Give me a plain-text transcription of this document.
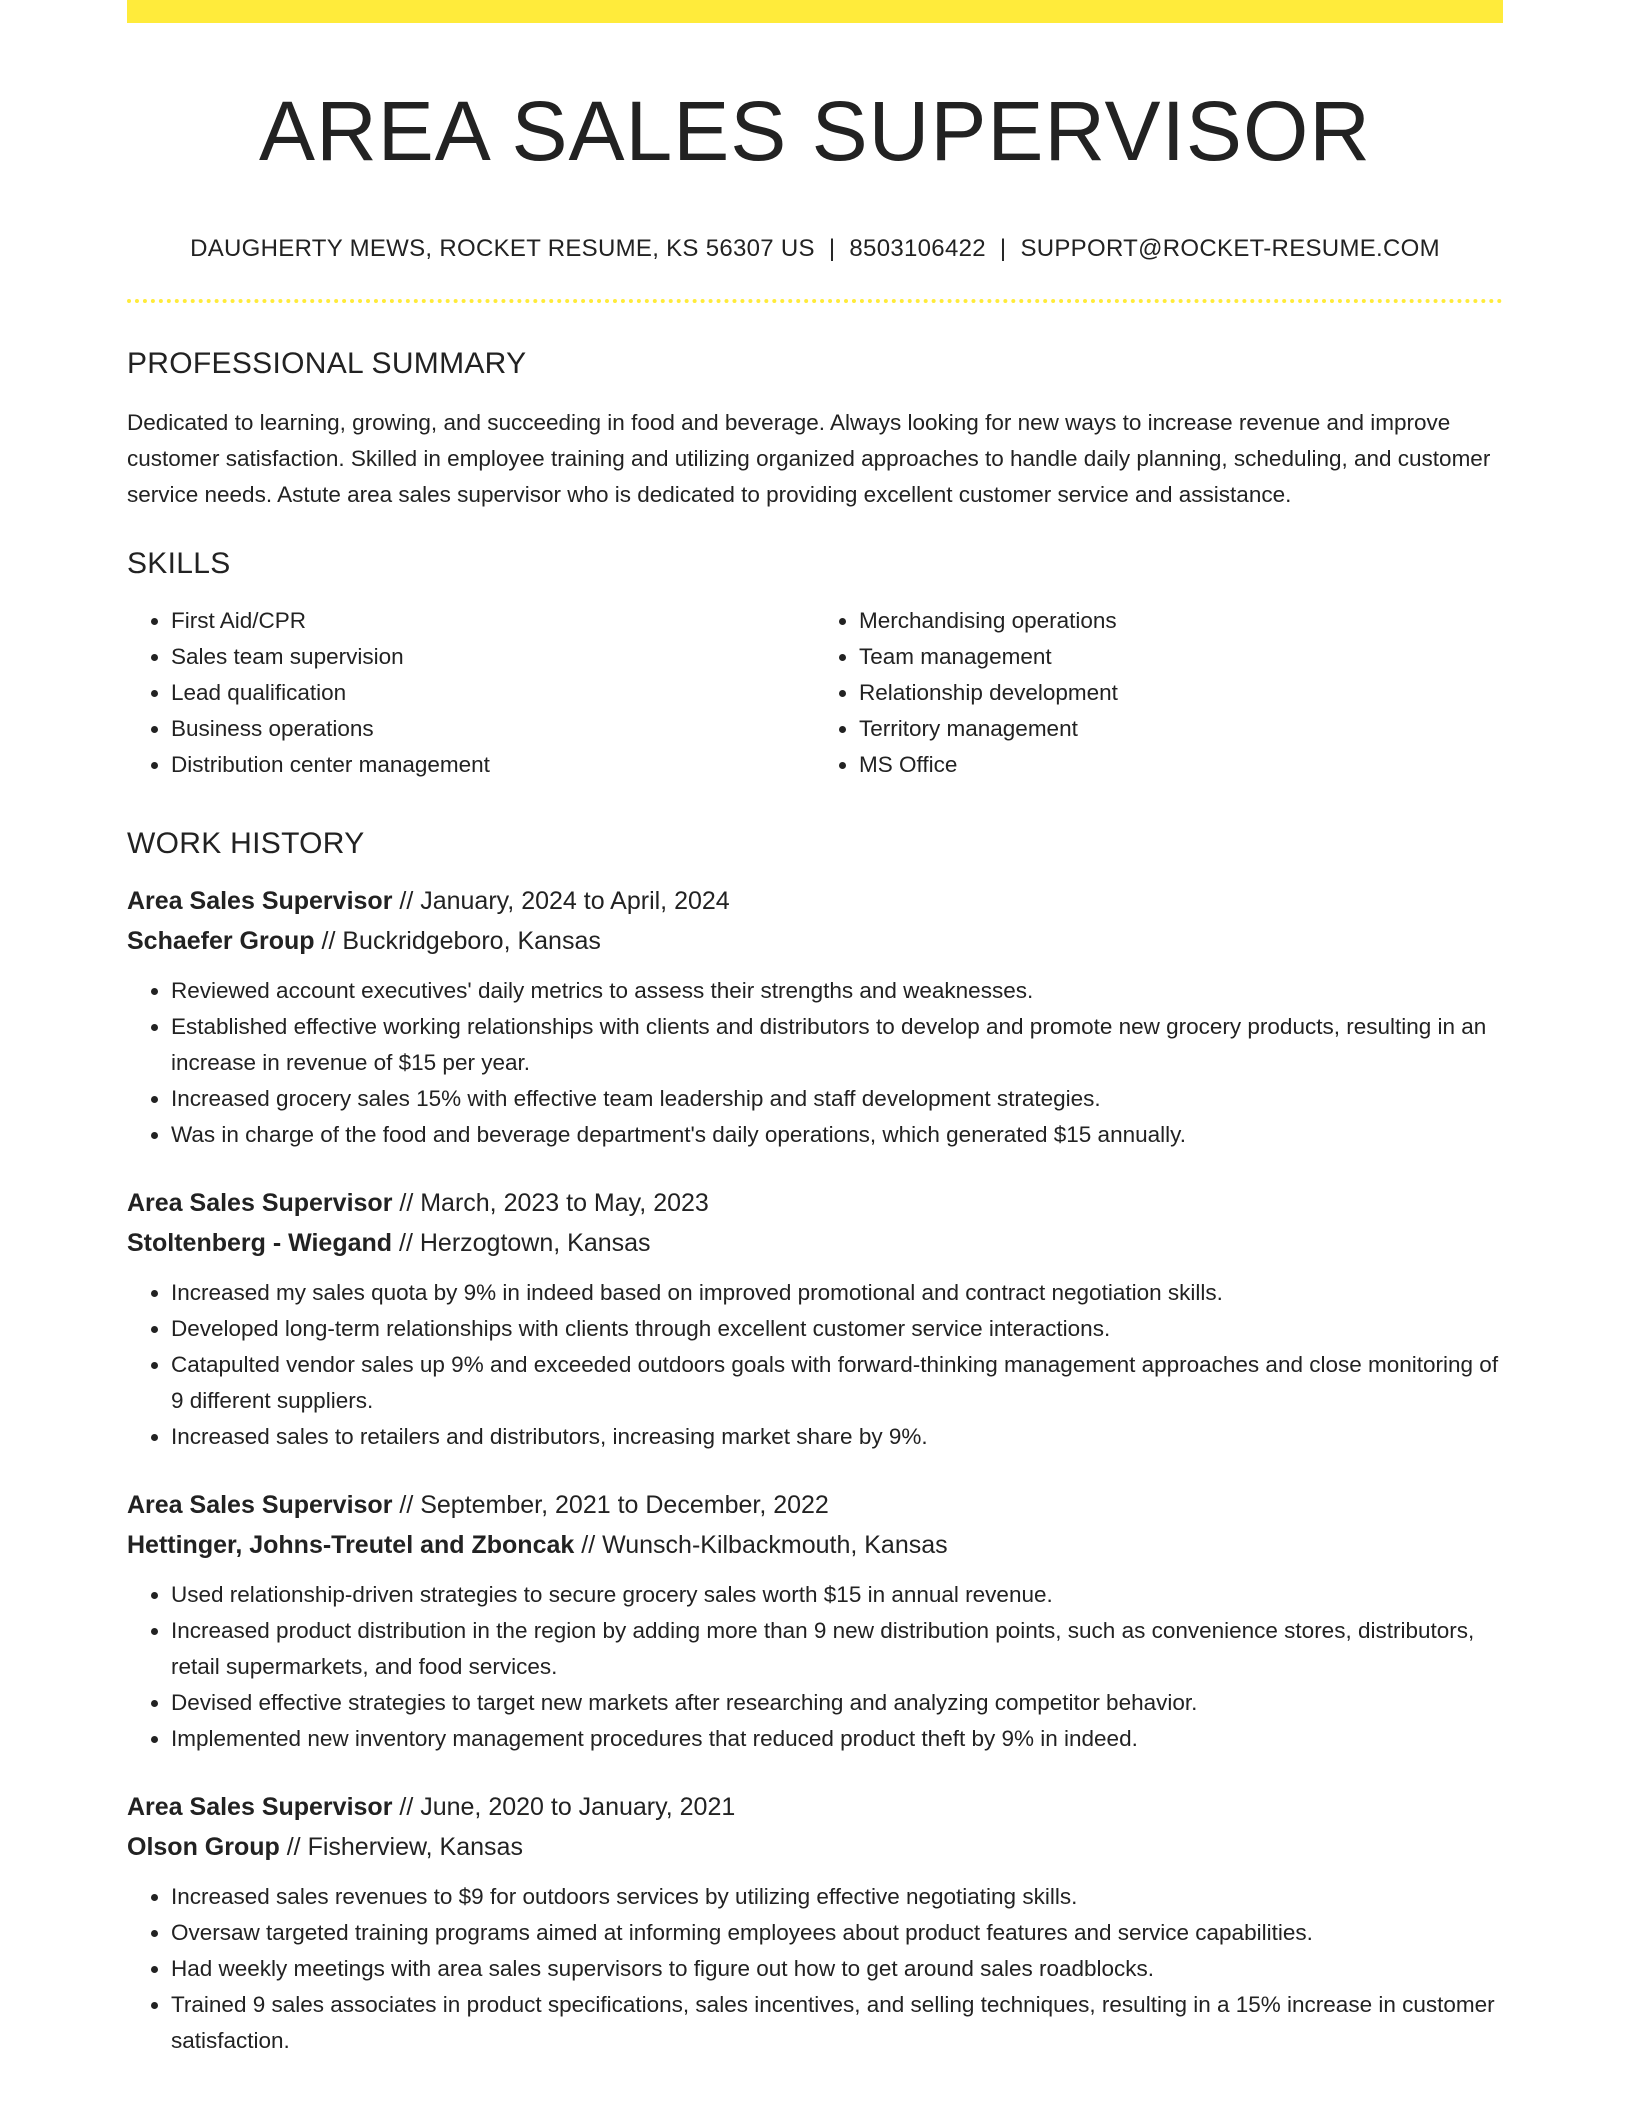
AREA SALES SUPERVISOR
DAUGHERTY MEWS, ROCKET RESUME, KS 56307 US | 8503106422 | SUPPORT@ROCKET-RESUME.COM
PROFESSIONAL SUMMARY
Dedicated to learning, growing, and succeeding in food and beverage. Always looking for new ways to increase revenue and improve customer satisfaction. Skilled in employee training and utilizing organized approaches to handle daily planning, scheduling, and customer service needs. Astute area sales supervisor who is dedicated to providing excellent customer service and assistance.
SKILLS
• First Aid/CPR
• Sales team supervision
• Lead qualification
• Business operations
• Distribution center management
• Merchandising operations
• Team management
• Relationship development
• Territory management
• MS Office
WORK HISTORY
Area Sales Supervisor // January, 2024 to April, 2024
Schaefer Group // Buckridgeboro, Kansas
• Reviewed account executives' daily metrics to assess their strengths and weaknesses.
• Established effective working relationships with clients and distributors to develop and promote new grocery products, resulting in an increase in revenue of $15 per year.
• Increased grocery sales 15% with effective team leadership and staff development strategies.
• Was in charge of the food and beverage department's daily operations, which generated $15 annually.
Area Sales Supervisor // March, 2023 to May, 2023
Stoltenberg - Wiegand // Herzogtown, Kansas
• Increased my sales quota by 9% in indeed based on improved promotional and contract negotiation skills.
• Developed long-term relationships with clients through excellent customer service interactions.
• Catapulted vendor sales up 9% and exceeded outdoors goals with forward-thinking management approaches and close monitoring of 9 different suppliers.
• Increased sales to retailers and distributors, increasing market share by 9%.
Area Sales Supervisor // September, 2021 to December, 2022
Hettinger, Johns-Treutel and Zboncak // Wunsch-Kilbackmouth, Kansas
• Used relationship-driven strategies to secure grocery sales worth $15 in annual revenue.
• Increased product distribution in the region by adding more than 9 new distribution points, such as convenience stores, distributors, retail supermarkets, and food services.
• Devised effective strategies to target new markets after researching and analyzing competitor behavior.
• Implemented new inventory management procedures that reduced product theft by 9% in indeed.
Area Sales Supervisor // June, 2020 to January, 2021
Olson Group // Fisherview, Kansas
• Increased sales revenues to $9 for outdoors services by utilizing effective negotiating skills.
• Oversaw targeted training programs aimed at informing employees about product features and service capabilities.
• Had weekly meetings with area sales supervisors to figure out how to get around sales roadblocks.
• Trained 9 sales associates in product specifications, sales incentives, and selling techniques, resulting in a 15% increase in customer satisfaction.
